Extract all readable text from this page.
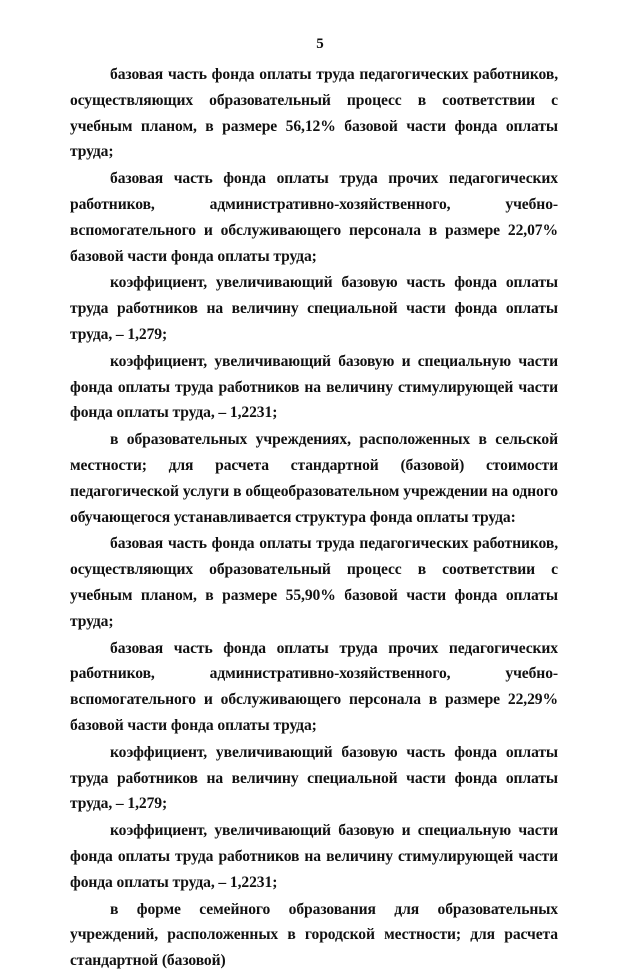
5

базовая часть фонда оплаты труда педагогических работников, осуществляющих образовательный процесс в соответствии с учебным планом, в размере 56,12% базовой части фонда оплаты труда;

базовая часть фонда оплаты труда прочих педагогических работников, административно-хозяйственного, учебно-вспомогательного и обслуживающего персонала в размере 22,07% базовой части фонда оплаты труда;

коэффициент, увеличивающий базовую часть фонда оплаты труда работников на величину специальной части фонда оплаты труда, – 1,279;

коэффициент, увеличивающий базовую и специальную части фонда оплаты труда работников на величину стимулирующей части фонда оплаты труда, – 1,2231;

в образовательных учреждениях, расположенных в сельской местности; для расчета стандартной (базовой) стоимости педагогической услуги в общеобразовательном учреждении на одного обучающегося устанавливается структура фонда оплаты труда:

базовая часть фонда оплаты труда педагогических работников, осуществляющих образовательный процесс в соответствии с учебным планом, в размере 55,90% базовой части фонда оплаты труда;

базовая часть фонда оплаты труда прочих педагогических работников, административно-хозяйственного, учебно-вспомогательного и обслуживающего персонала в размере 22,29% базовой части фонда оплаты труда;

коэффициент, увеличивающий базовую часть фонда оплаты труда работников на величину специальной части фонда оплаты труда, – 1,279;

коэффициент, увеличивающий базовую и специальную части фонда оплаты труда работников на величину стимулирующей части фонда оплаты труда, – 1,2231;

в форме семейного образования для образовательных учреждений, расположенных в городской местности; для расчета стандартной (базовой)
